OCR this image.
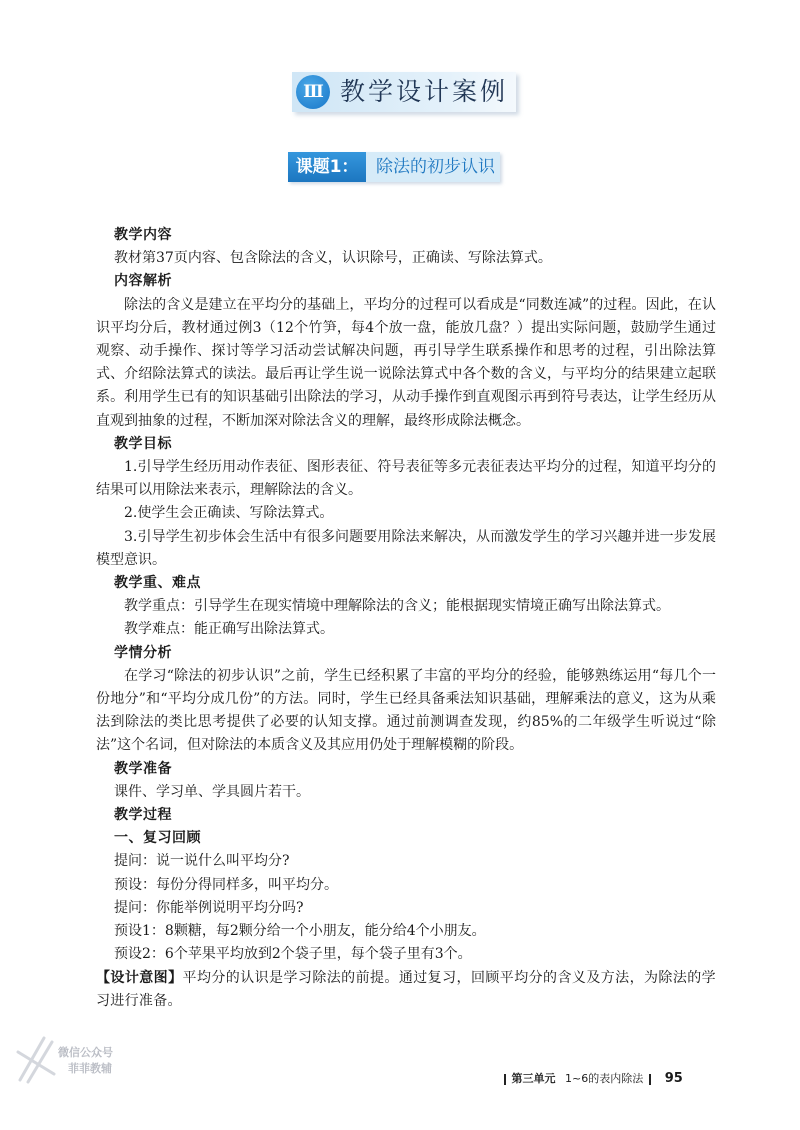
Ⅲ 教学设计案例
课题1：	除法的初步认识
教学内容
教材第37页内容、包含除法的含义，认识除号，正确读、写除法算式。
内容解析
除法的含义是建立在平均分的基础上，平均分的过程可以看成是“同数连减”的过程。因此，在认识平均分后，教材通过例3（12个竹笋，每4个放一盘，能放几盘？）提出实际问题，鼓励学生通过观察、动手操作、探讨等学习活动尝试解决问题，再引导学生联系操作和思考的过程，引出除法算式、介绍除法算式的读法。最后再让学生说一说除法算式中各个数的含义，与平均分的结果建立起联系。利用学生已有的知识基础引出除法的学习，从动手操作到直观图示再到符号表达，让学生经历从直观到抽象的过程，不断加深对除法含义的理解，最终形成除法概念。
教学目标
1.引导学生经历用动作表征、图形表征、符号表征等多元表征表达平均分的过程，知道平均分的结果可以用除法来表示，理解除法的含义。
2.使学生会正确读、写除法算式。
3.引导学生初步体会生活中有很多问题要用除法来解决，从而激发学生的学习兴趣并进一步发展模型意识。
教学重、难点
教学重点：引导学生在现实情境中理解除法的含义；能根据现实情境正确写出除法算式。
教学难点：能正确写出除法算式。
学情分析
在学习“除法的初步认识”之前，学生已经积累了丰富的平均分的经验，能够熟练运用“每几个一份地分”和“平均分成几份”的方法。同时，学生已经具备乘法知识基础，理解乘法的意义，这为从乘法到除法的类比思考提供了必要的认知支撑。通过前测调查发现，约85%的二年级学生听说过“除法”这个名词，但对除法的本质含义及其应用仍处于理解模糊的阶段。
教学准备
课件、学习单、学具圆片若干。
教学过程
一、复习回顾
提问：说一说什么叫平均分?
预设：每份分得同样多，叫平均分。
提问：你能举例说明平均分吗?
预设1：8颗糖，每2颗分给一个小朋友，能分给4个小朋友。
预设2：6个苹果平均放到2个袋子里，每个袋子里有3个。
【设计意图】平均分的认识是学习除法的前提。通过复习，回顾平均分的含义及方法，为除法的学习进行准备。
微信公众号
菲菲教辅
第三单元 1~6的表内除法 95
